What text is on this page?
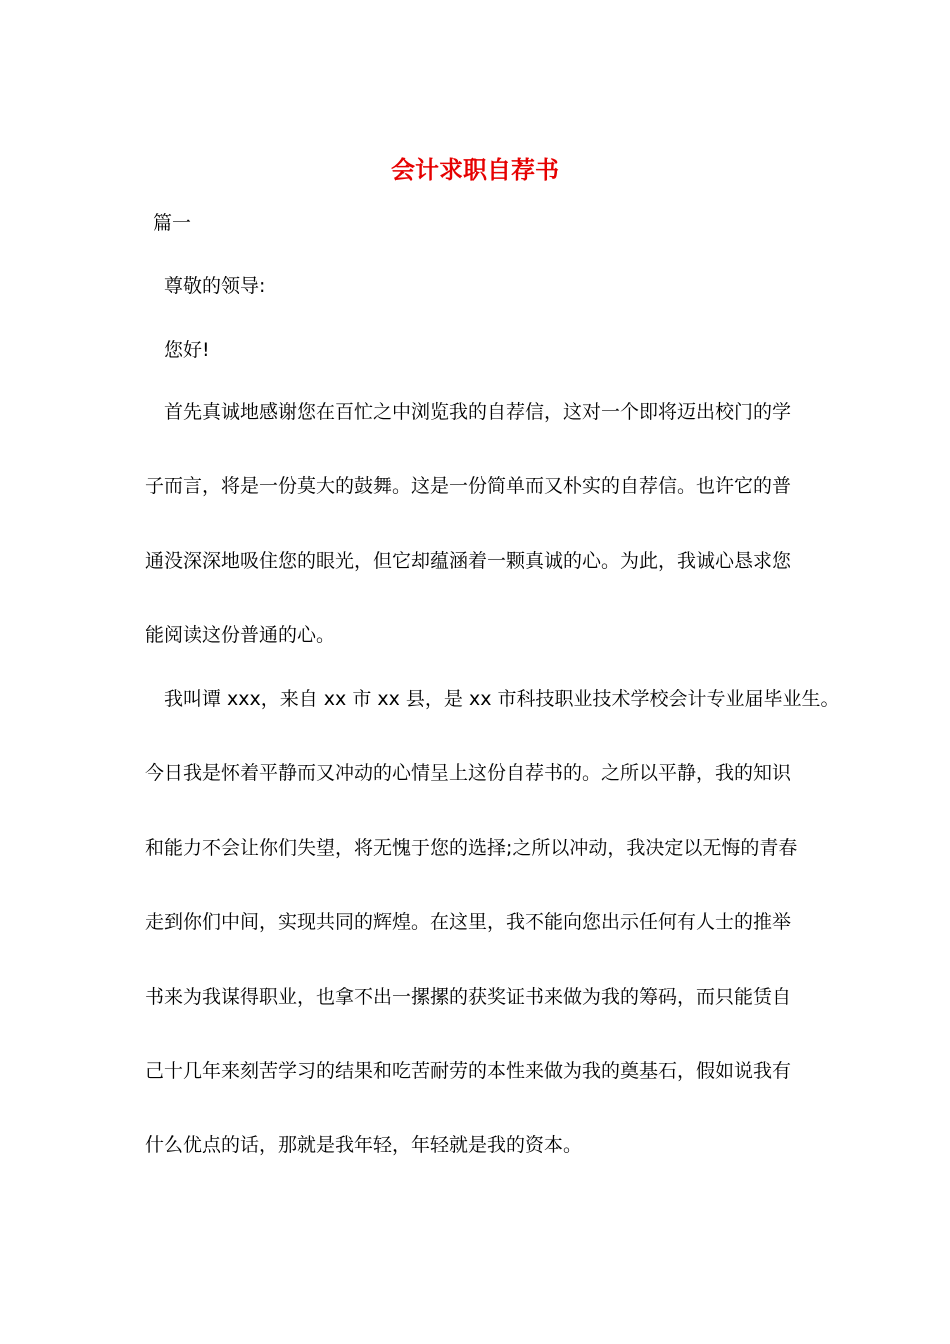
会计求职自荐书

篇一

尊敬的领导:

您好!

首先真诚地感谢您在百忙之中浏览我的自荐信，这对一个即将迈出校门的学

子而言，将是一份莫大的鼓舞。这是一份简单而又朴实的自荐信。也许它的普

通没深深地吸住您的眼光，但它却蕴涵着一颗真诚的心。为此，我诚心恳求您

能阅读这份普通的心。

我叫谭 xxx，来自 xx 市 xx 县，是 xx 市科技职业技术学校会计专业届毕业生。

今日我是怀着平静而又冲动的心情呈上这份自荐书的。之所以平静，我的知识

和能力不会让你们失望，将无愧于您的选择;之所以冲动，我决定以无悔的青春

走到你们中间，实现共同的辉煌。在这里，我不能向您出示任何有人士的推举

书来为我谋得职业，也拿不出一摞摞的获奖证书来做为我的筹码，而只能赁自

己十几年来刻苦学习的结果和吃苦耐劳的本性来做为我的奠基石，假如说我有

什么优点的话，那就是我年轻，年轻就是我的资本。
